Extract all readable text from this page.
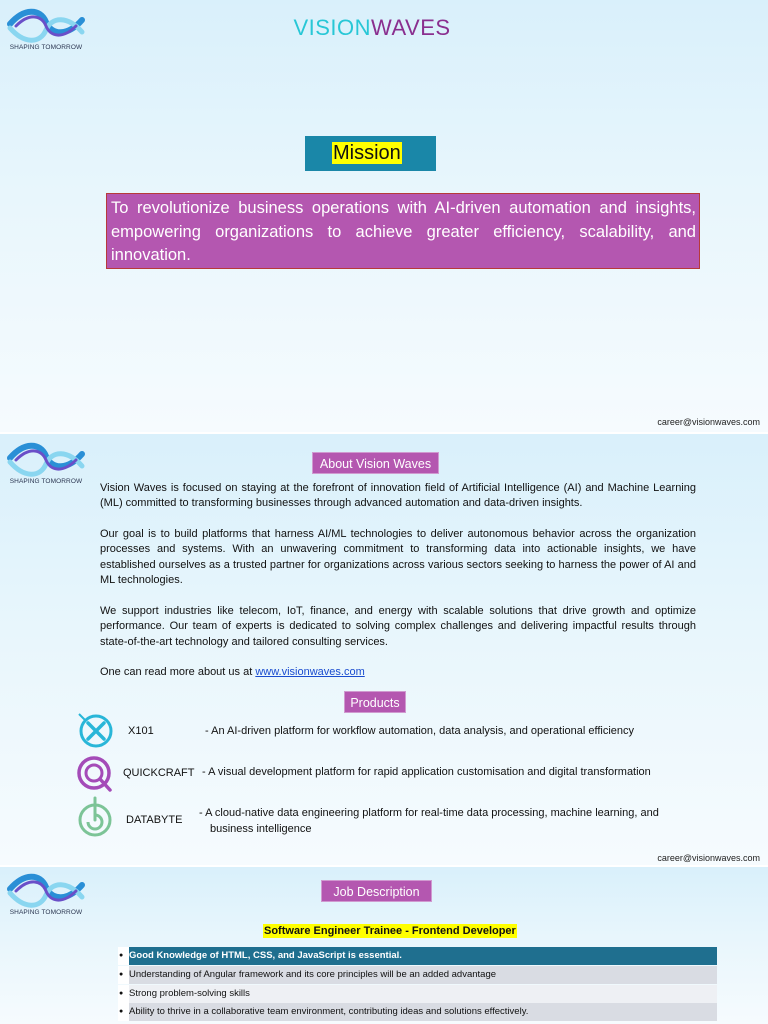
SHAPING TOMORROW
VISIONWAVES
Mission
To revolutionize business operations with AI-driven automation and insights, empowering organizations to achieve greater efficiency, scalability, and innovation.
career@visionwaves.com
SHAPING TOMORROW
About Vision Waves
Vision Waves is focused on staying at the forefront of innovation field of Artificial Intelligence (AI) and Machine Learning (ML) committed to transforming businesses through advanced automation and data-driven insights.
Our goal is to build platforms that harness AI/ML technologies to deliver autonomous behavior across the organization processes and systems. With an unwavering commitment to transforming data into actionable insights, we have established ourselves as a trusted partner for organizations across various sectors seeking to harness the power of AI and ML technologies.
We support industries like telecom, IoT, finance, and energy with scalable solutions that drive growth and optimize performance. Our team of experts is dedicated to solving complex challenges and delivering impactful results through state-of-the-art technology and tailored consulting services.
One can read more about us at www.visionwaves.com
Products
X101	- An AI-driven platform for workflow automation, data analysis, and operational efficiency
QUICKCRAFT - A visual development platform for rapid application customisation and digital transformation
DATABYTE
- A cloud-native data engineering platform for real-time data processing, machine learning, and
business intelligence
career@visionwaves.com
SHAPING TOMORROW
Job Description
Software Engineer Trainee - Frontend Developer
●
Good Knowledge of HTML, CSS, and JavaScript is essential.
●
Understanding of Angular framework and its core principles will be an added advantage
●
Strong problem-solving skills
●
Ability to thrive in a collaborative team environment, contributing ideas and solutions effectively.
